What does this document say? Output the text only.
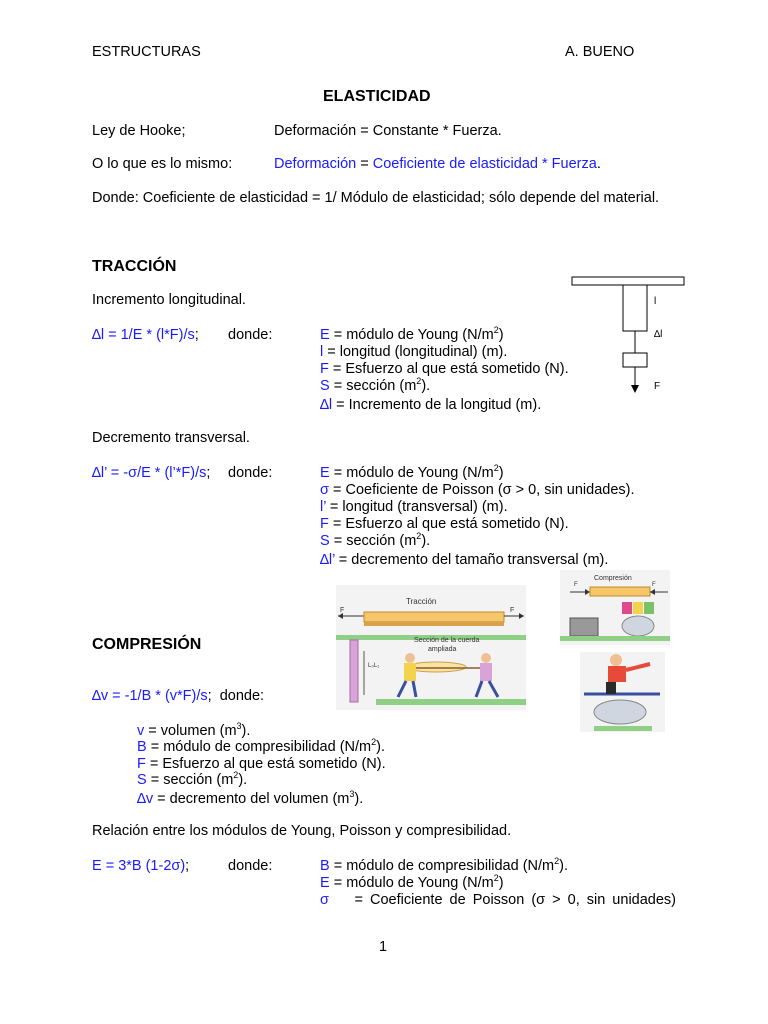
ESTRUCTURAS	A. BUENO
ELASTICIDAD
Ley de Hooke;	Deformación = Constante * Fuerza.
O lo que es lo mismo:	Deformación = Coeficiente de elasticidad * Fuerza.
Donde: Coeficiente de elasticidad = 1/ Módulo de elasticidad; sólo depende del material.
TRACCIÓN
Incremento longitudinal.
∆l = 1/E * (l*F)/s; donde:	E = módulo de Young $(N/m^2)$
l = longitud (longitudinal) (m).
F = Esfuerzo al que está sometido (N).
S = sección $(m^2)$.
∆l = Incremento de la longitud (m).
l
∆l
F
Decremento transversal.
∆l’ = -σ/E * (l’*F)/s; donde:	E = módulo de Young $(N/m^2)$
σ = Coeficiente de Poisson (σ > 0, sin unidades).
l’ = longitud (transversal) (m).
F = Esfuerzo al que está sometido (N).
S = sección $(m^2)$.
∆l’ = decremento del tamaño transversal (m).
Tracción
F	F
L₀L₁
Sección de la cuerda
ampliada
Compresión
F	F
COMPRESIÓN
∆v = -1/B * (v*F)/s; donde:
v = volumen $(m^3)$.
B = módulo de compresibilidad $(N/m^2)$.
F = Esfuerzo al que está sometido (N).
S = sección $(m^2)$.
∆v = decremento del volumen $(m^3)$.
Relación entre los módulos de Young, Poisson y compresibilidad.
E = 3*B (1-2σ);	donde:	B = módulo de compresibilidad $(N/m^2)$.
E = módulo de Young $(N/m^2)$
σ = Coeficiente de Poisson (σ > 0, sin unidades)
1
